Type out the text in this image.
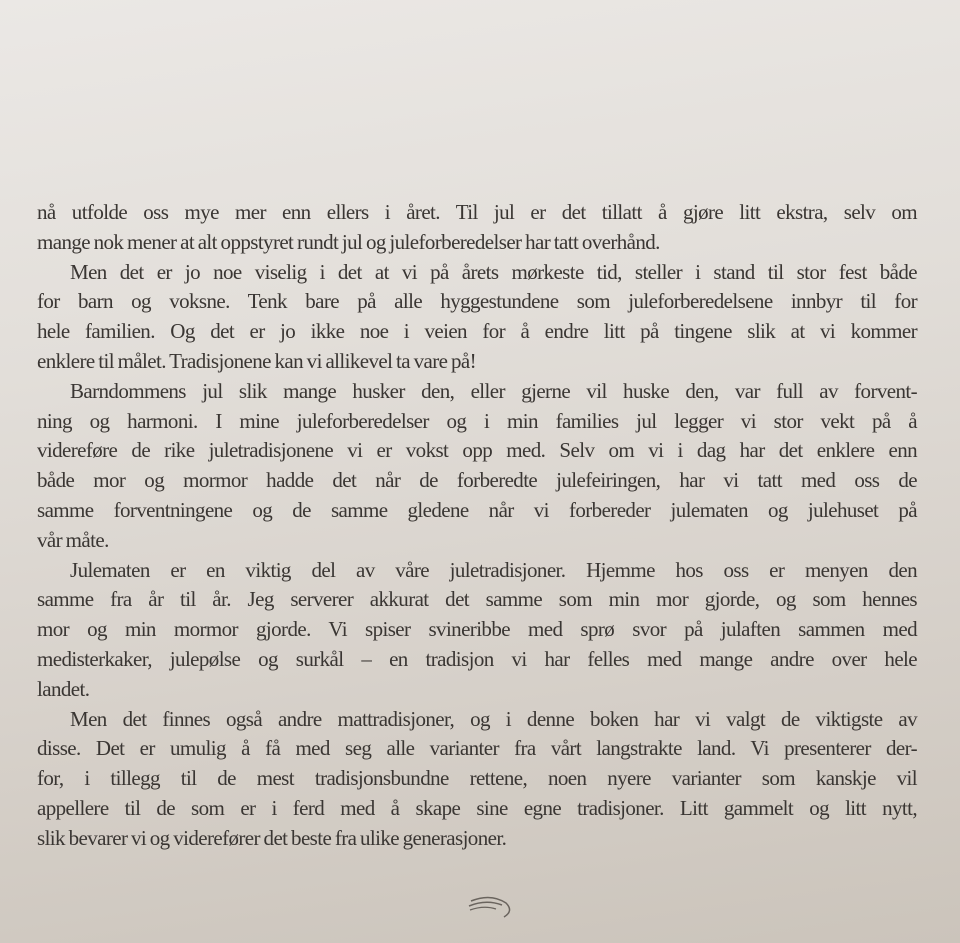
nå utfolde oss mye mer enn ellers i året. Til jul er det tillatt å gjøre litt ekstra, selv om
mange nok mener at alt oppstyret rundt jul og juleforberedelser har tatt overhånd.
Men det er jo noe viselig i det at vi på årets mørkeste tid, steller i stand til stor fest både
for barn og voksne. Tenk bare på alle hyggestundene som juleforberedelsene innbyr til for
hele familien. Og det er jo ikke noe i veien for å endre litt på tingene slik at vi kommer
enklere til målet. Tradisjonene kan vi allikevel ta vare på!
Barndommens jul slik mange husker den, eller gjerne vil huske den, var full av forvent-
ning og harmoni. I mine juleforberedelser og i min families jul legger vi stor vekt på å
videreføre de rike juletradisjonene vi er vokst opp med. Selv om vi i dag har det enklere enn
både mor og mormor hadde det når de forberedte julefeiringen, har vi tatt med oss de
samme forventningene og de samme gledene når vi forbereder julematen og julehuset på
vår måte.
Julematen er en viktig del av våre juletradisjoner. Hjemme hos oss er menyen den
samme fra år til år. Jeg serverer akkurat det samme som min mor gjorde, og som hennes
mor og min mormor gjorde. Vi spiser svineribbe med sprø svor på julaften sammen med
medisterkaker, julepølse og surkål – en tradisjon vi har felles med mange andre over hele
landet.
Men det finnes også andre mattradisjoner, og i denne boken har vi valgt de viktigste av
disse. Det er umulig å få med seg alle varianter fra vårt langstrakte land. Vi presenterer der-
for, i tillegg til de mest tradisjonsbundne rettene, noen nyere varianter som kanskje vil
appellere til de som er i ferd med å skape sine egne tradisjoner. Litt gammelt og litt nytt,
slik bevarer vi og viderefører det beste fra ulike generasjoner.
